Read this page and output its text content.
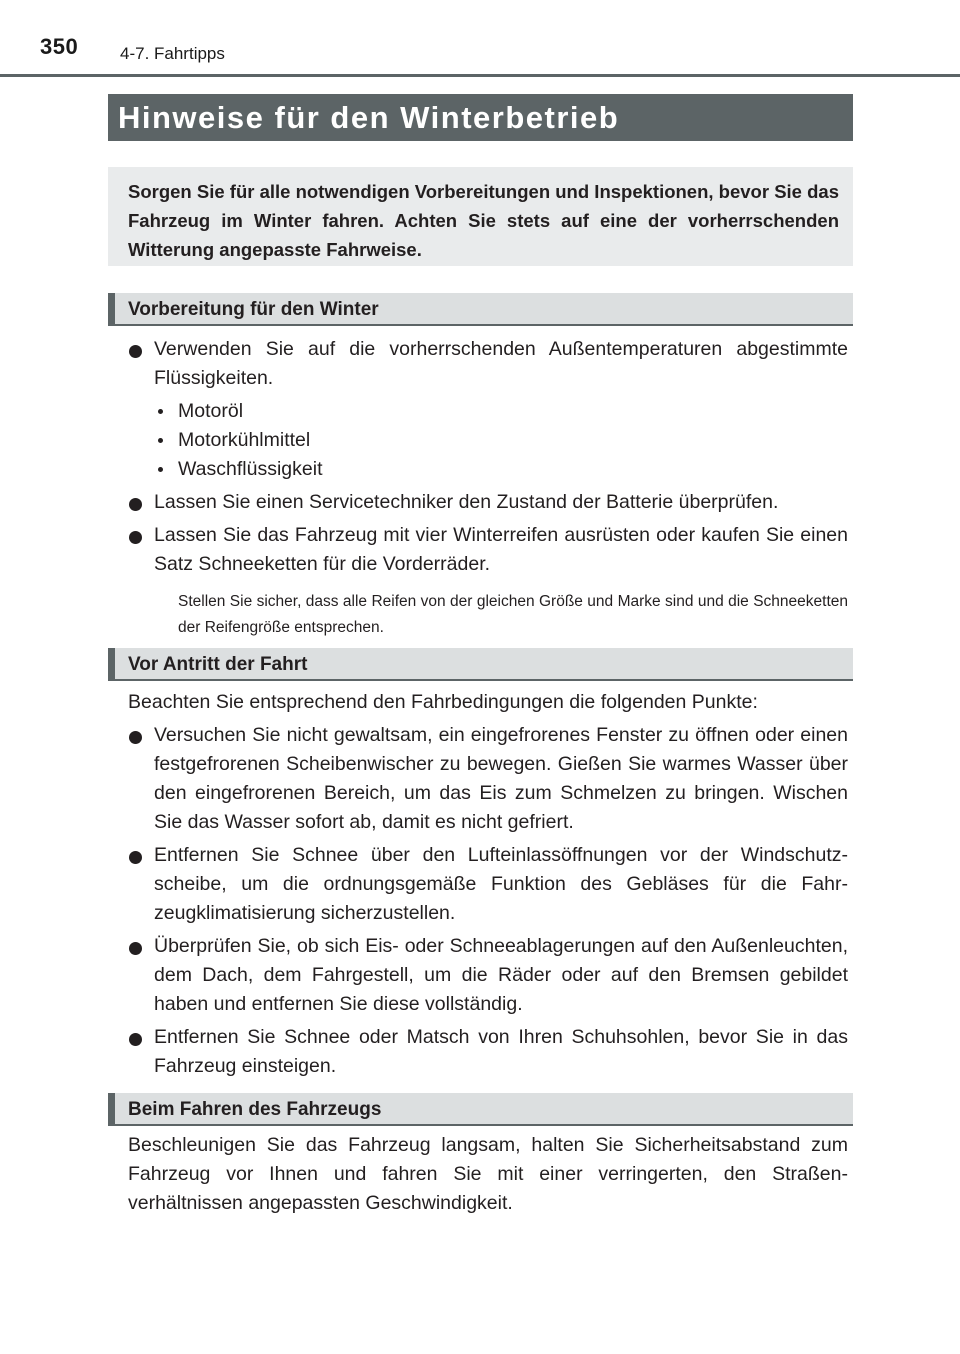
350 4-7. Fahrtipps
Hinweise für den Winterbetrieb

Sorgen Sie für alle notwendigen Vorbereitungen und Inspektionen, bevor Sie das Fahrzeug im Winter fahren. Achten Sie stets auf eine der vorherrschenden Witterung angepasste Fahrweise.

Vorbereitung für den Winter
Verwenden Sie auf die vorherrschenden Außentemperaturen abgestimmte Flüssigkeiten.
Motoröl
Motorkühlmittel
Waschflüssigkeit
Lassen Sie einen Servicetechniker den Zustand der Batterie überprüfen.
Lassen Sie das Fahrzeug mit vier Winterreifen ausrüsten oder kaufen Sie einen Satz Schneeketten für die Vorderräder.

Stellen Sie sicher, dass alle Reifen von der gleichen Größe und Marke sind und die Schneeketten der Reifengröße entsprechen.

Vor Antritt der Fahrt

Beachten Sie entsprechend den Fahrbedingungen die folgenden Punkte:

Versuchen Sie nicht gewaltsam, ein eingefrorenes Fenster zu öffnen oder einen festgefrorenen Scheibenwischer zu bewegen. Gießen Sie warmes Wasser über den eingefrorenen Bereich, um das Eis zum Schmelzen zu bringen. Wischen Sie das Wasser sofort ab, damit es nicht gefriert.
Entfernen Sie Schnee über den Lufteinlassöffnungen vor der Windschutzscheibe, um die ordnungsgemäße Funktion des Gebläses für die Fahrzeugklimatisierung sicherzustellen.
Überprüfen Sie, ob sich Eis- oder Schneeablagerungen auf den Außenleuchten, dem Dach, dem Fahrgestell, um die Räder oder auf den Bremsen gebildet haben und entfernen Sie diese vollständig.
Entfernen Sie Schnee oder Matsch von Ihren Schuhsohlen, bevor Sie in das Fahrzeug einsteigen.
Beim Fahren des Fahrzeugs

Beschleunigen Sie das Fahrzeug langsam, halten Sie Sicherheitsabstand zum Fahrzeug vor Ihnen und fahren Sie mit einer verringerten, den Straßenverhältnissen angepassten Geschwindigkeit.
